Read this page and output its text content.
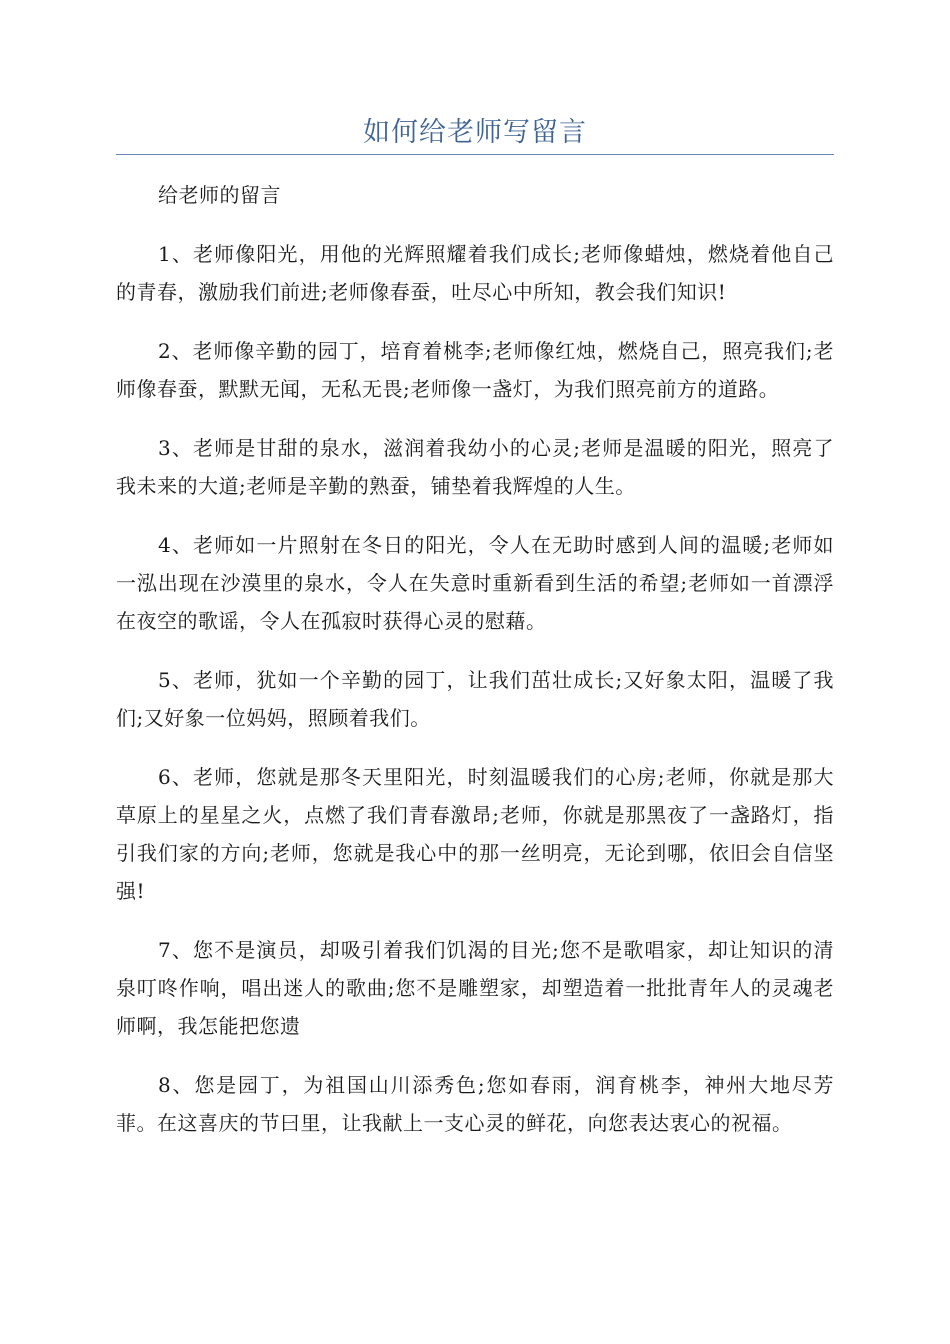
如何给老师写留言

给老师的留言

1、老师像阳光，用他的光辉照耀着我们成长;老师像蜡烛，燃烧着他自己的青春，激励我们前进;老师像春蚕，吐尽心中所知，教会我们知识!

2、老师像辛勤的园丁，培育着桃李;老师像红烛，燃烧自己，照亮我们;老师像春蚕，默默无闻，无私无畏;老师像一盏灯，为我们照亮前方的道路。

3、老师是甘甜的泉水，滋润着我幼小的心灵;老师是温暖的阳光，照亮了我未来的大道;老师是辛勤的熟蚕，铺垫着我辉煌的人生。

4、老师如一片照射在冬日的阳光，令人在无助时感到人间的温暖;老师如一泓出现在沙漠里的泉水，令人在失意时重新看到生活的希望;老师如一首漂浮在夜空的歌谣，令人在孤寂时获得心灵的慰藉。

5、老师，犹如一个辛勤的园丁，让我们茁壮成长;又好象太阳，温暖了我们;又好象一位妈妈，照顾着我们。

6、老师，您就是那冬天里阳光，时刻温暖我们的心房;老师，你就是那大草原上的星星之火，点燃了我们青春激昂;老师，你就是那黑夜了一盏路灯，指引我们家的方向;老师，您就是我心中的那一丝明亮，无论到哪，依旧会自信坚强!

7、您不是演员，却吸引着我们饥渴的目光;您不是歌唱家，却让知识的清泉叮咚作响，唱出迷人的歌曲;您不是雕塑家，却塑造着一批批青年人的灵魂老师啊，我怎能把您遗

8、您是园丁，为祖国山川添秀色;您如春雨，润育桃李，神州大地尽芳菲。在这喜庆的节曰里，让我献上一支心灵的鲜花，向您表达衷心的祝福。
